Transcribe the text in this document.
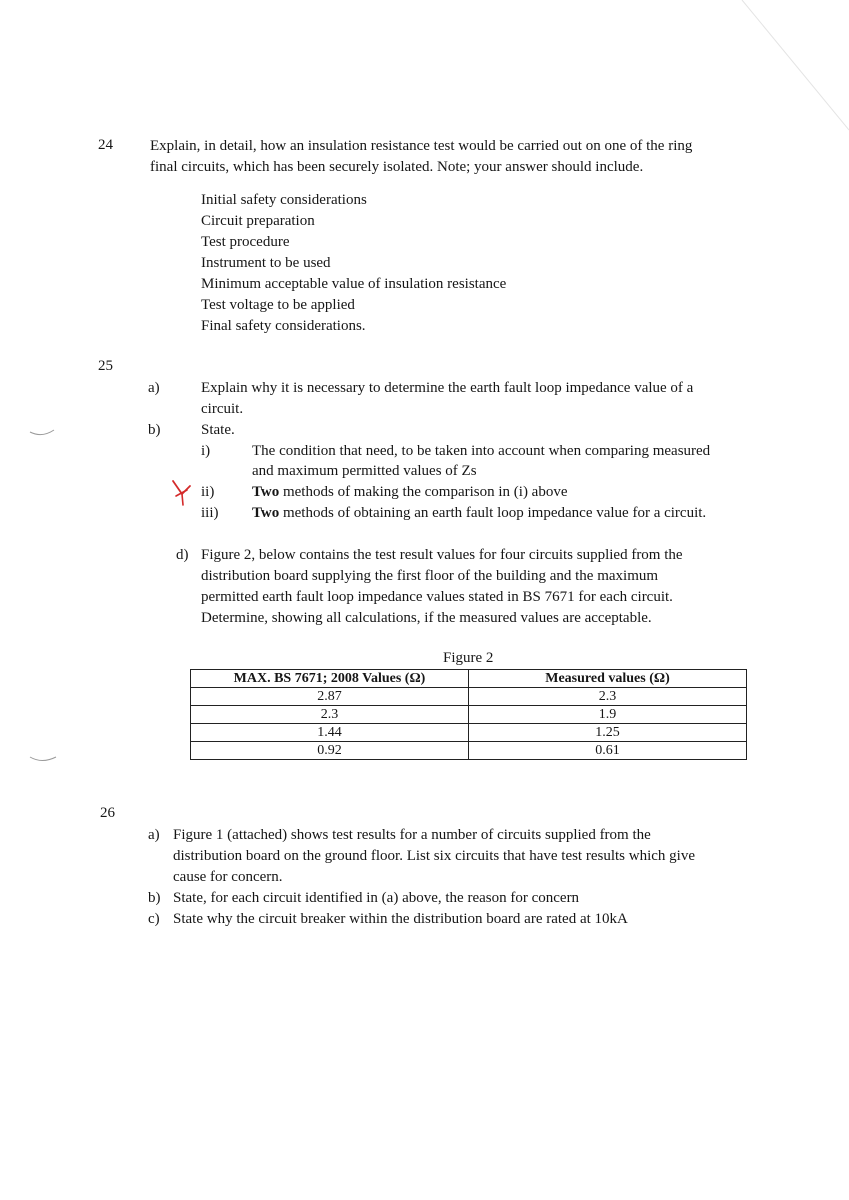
24 Explain, in detail, how an insulation resistance test would be carried out on one of the ring

final circuits, which has been securely isolated. Note; your answer should include.

Initial safety considerations
Circuit preparation
Test procedure
Instrument to be used
Minimum acceptable value of insulation resistance
Test voltage to be applied
Final safety considerations.
25
a)	Explain why it is necessary to determine the earth fault loop impedance value of a

circuit.

b)	State.

i)	The condition that need, to be taken into account when comparing measured

and maximum permitted values of Zs

ii)	Two methods of making the comparison in (i) above

iii) Two methods of obtaining an earth fault loop impedance value for a circuit.

d) Figure 2, below contains the test result values for four circuits supplied from the

distribution board supplying the first floor of the building and the maximum

permitted earth fault loop impedance values stated in BS 7671 for each circuit.

Determine, showing all calculations, if the measured values are acceptable.

Figure 2

MAX. BS 7671; 2008 Values (Ω)	Measured values (Ω)
2.87	2.3
2.3	1.9
1.44	1.25
0.92	0.61
26
a) Figure 1 (attached) shows test results for a number of circuits supplied from the

distribution board on the ground floor. List six circuits that have test results which give

cause for concern.

b) State, for each circuit identified in (a) above, the reason for concern

c) State why the circuit breaker within the distribution board are rated at 10kA
